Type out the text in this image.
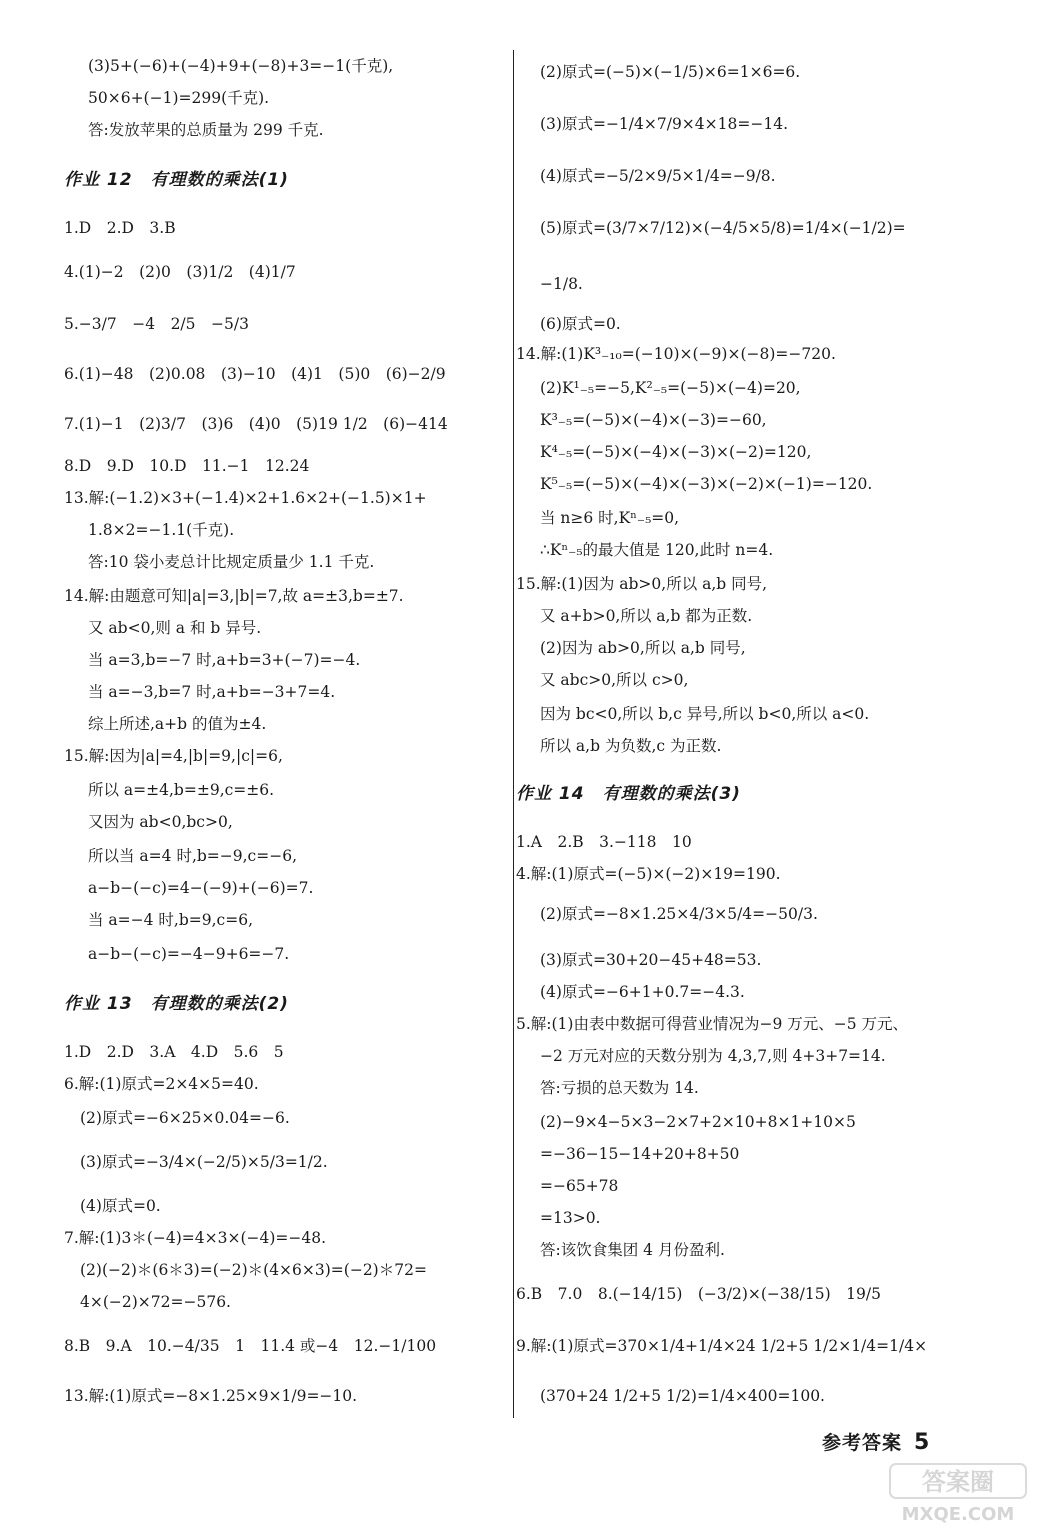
(3)5+(−6)+(−4)+9+(−8)+3=−1(千克),
50×6+(−1)=299(千克).
答:发放苹果的总质量为 299 千克.
作业 12　有理数的乘法(1)
1.D　2.D　3.B
4.(1)−2　(2)0　(3)1/2　(4)1/7
5.−3/7　−4　2/5　−5/3
6.(1)−48　(2)0.08　(3)−10　(4)1　(5)0　(6)−2/9
7.(1)−1　(2)3/7　(3)6　(4)0　(5)19 1/2　(6)−414
8.D　9.D　10.D　11.−1　12.24
13.解:(−1.2)×3+(−1.4)×2+1.6×2+(−1.5)×1+
1.8×2=−1.1(千克).
答:10 袋小麦总计比规定质量少 1.1 千克.
14.解:由题意可知|a|=3,|b|=7,故 a=±3,b=±7.
又 ab<0,则 a 和 b 异号.
当 a=3,b=−7 时,a+b=3+(−7)=−4.
当 a=−3,b=7 时,a+b=−3+7=4.
综上所述,a+b 的值为±4.
15.解:因为|a|=4,|b|=9,|c|=6,
所以 a=±4,b=±9,c=±6.
又因为 ab<0,bc>0,
所以当 a=4 时,b=−9,c=−6,
a−b−(−c)=4−(−9)+(−6)=7.
当 a=−4 时,b=9,c=6,
a−b−(−c)=−4−9+6=−7.
作业 13　有理数的乘法(2)
1.D　2.D　3.A　4.D　5.6　5
6.解:(1)原式=2×4×5=40.
(2)原式=−6×25×0.04=−6.
(3)原式=−3/4×(−2/5)×5/3=1/2.
(4)原式=0.
7.解:(1)3＊(−4)=4×3×(−4)=−48.
(2)(−2)＊(6＊3)=(−2)＊(4×6×3)=(−2)＊72=
4×(−2)×72=−576.
8.B　9.A　10.−4/35　1　11.4 或−4　12.−1/100
13.解:(1)原式=−8×1.25×9×1/9=−10.
(2)原式=(−5)×(−1/5)×6=1×6=6.
(3)原式=−1/4×7/9×4×18=−14.
(4)原式=−5/2×9/5×1/4=−9/8.
(5)原式=(3/7×7/12)×(−4/5×5/8)=1/4×(−1/2)=
−1/8.
(6)原式=0.
14.解:(1)K³₋₁₀=(−10)×(−9)×(−8)=−720.
(2)K¹₋₅=−5,K²₋₅=(−5)×(−4)=20,
K³₋₅=(−5)×(−4)×(−3)=−60,
K⁴₋₅=(−5)×(−4)×(−3)×(−2)=120,
K⁵₋₅=(−5)×(−4)×(−3)×(−2)×(−1)=−120.
当 n≥6 时,Kⁿ₋₅=0,
∴Kⁿ₋₅的最大值是 120,此时 n=4.
15.解:(1)因为 ab>0,所以 a,b 同号,
又 a+b>0,所以 a,b 都为正数.
(2)因为 ab>0,所以 a,b 同号,
又 abc>0,所以 c>0,
因为 bc<0,所以 b,c 异号,所以 b<0,所以 a<0.
所以 a,b 为负数,c 为正数.
作业 14　有理数的乘法(3)
1.A　2.B　3.−118　10
4.解:(1)原式=(−5)×(−2)×19=190.
(2)原式=−8×1.25×4/3×5/4=−50/3.
(3)原式=30+20−45+48=53.
(4)原式=−6+1+0.7=−4.3.
5.解:(1)由表中数据可得营业情况为−9 万元、−5 万元、
−2 万元对应的天数分别为 4,3,7,则 4+3+7=14.
答:亏损的总天数为 14.
(2)−9×4−5×3−2×7+2×10+8×1+10×5
=−36−15−14+20+8+50
=−65+78
=13>0.
答:该饮食集团 4 月份盈利.
6.B　7.0　8.(−14/15)　(−3/2)×(−38/15)　19/5
9.解:(1)原式=370×1/4+1/4×24 1/2+5 1/2×1/4=1/4×
(370+24 1/2+5 1/2)=1/4×400=100.
参考答案 5
答案圈
MXQE.COM
